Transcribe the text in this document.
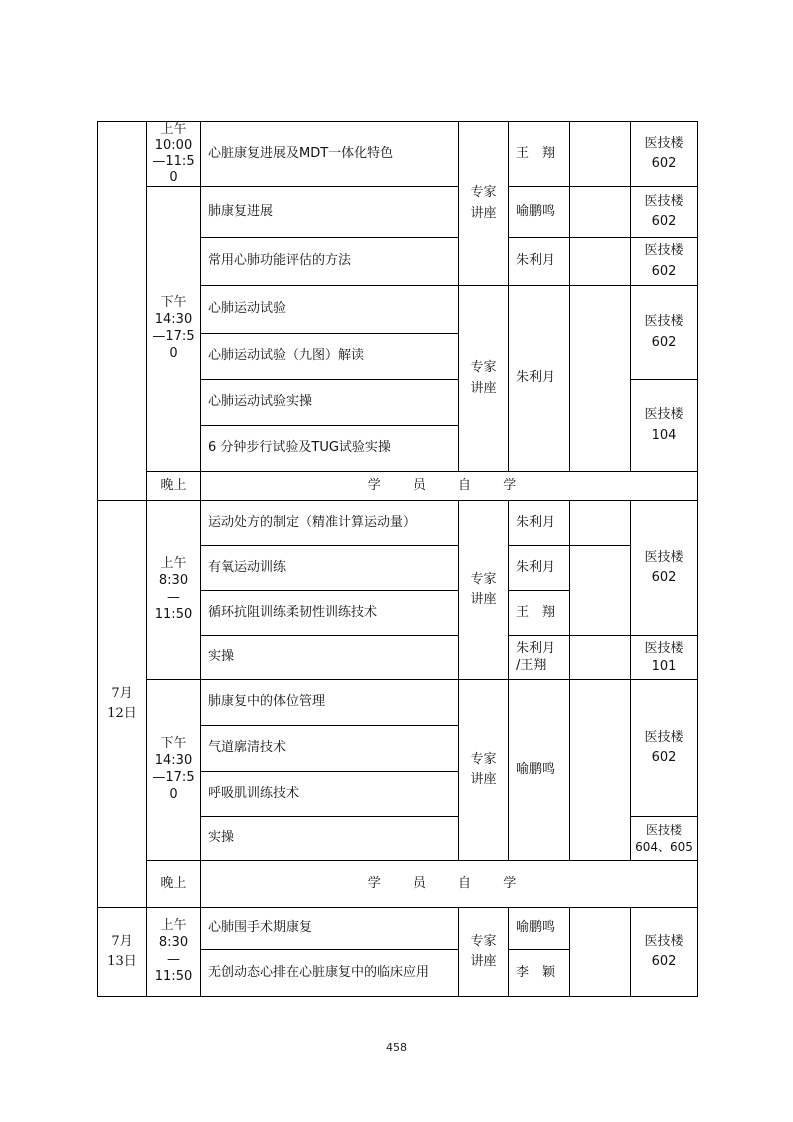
上午
10:00
—11:5
0
下午
14:30
—17:5
0
晚上
心脏康复进展及MDT一体化特色
肺康复进展
常用心肺功能评估的方法
心肺运动试验
心肺运动试验（九图）解读
心肺运动试验实操
6 分钟步行试验及TUG试验实操
专家
讲座
专家
讲座
王　翔
喻鹏鸣
朱利月
朱利月
医技楼
602
医技楼
602
医技楼
602
医技楼
602
医技楼
104
学 员 自 学
7月
12日
上午
8:30
—
11:50
下午
14:30
—17:5
0
晚上
运动处方的制定（精准计算运动量）
有氧运动训练
循环抗阻训练柔韧性训练技术
实操
肺康复中的体位管理
气道廓清技术
呼吸肌训练技术
实操
专家
讲座
专家
讲座
朱利月
朱利月
王　翔
朱利月
/王翔
喻鹏鸣
医技楼
602
医技楼
101
医技楼
602
医技楼
604、605
学 员 自 学
7月
13日
上午
8:30
—
11:50
心肺围手术期康复
无创动态心排在心脏康复中的临床应用
专家
讲座
喻鹏鸣
李　颖
医技楼
602
458
